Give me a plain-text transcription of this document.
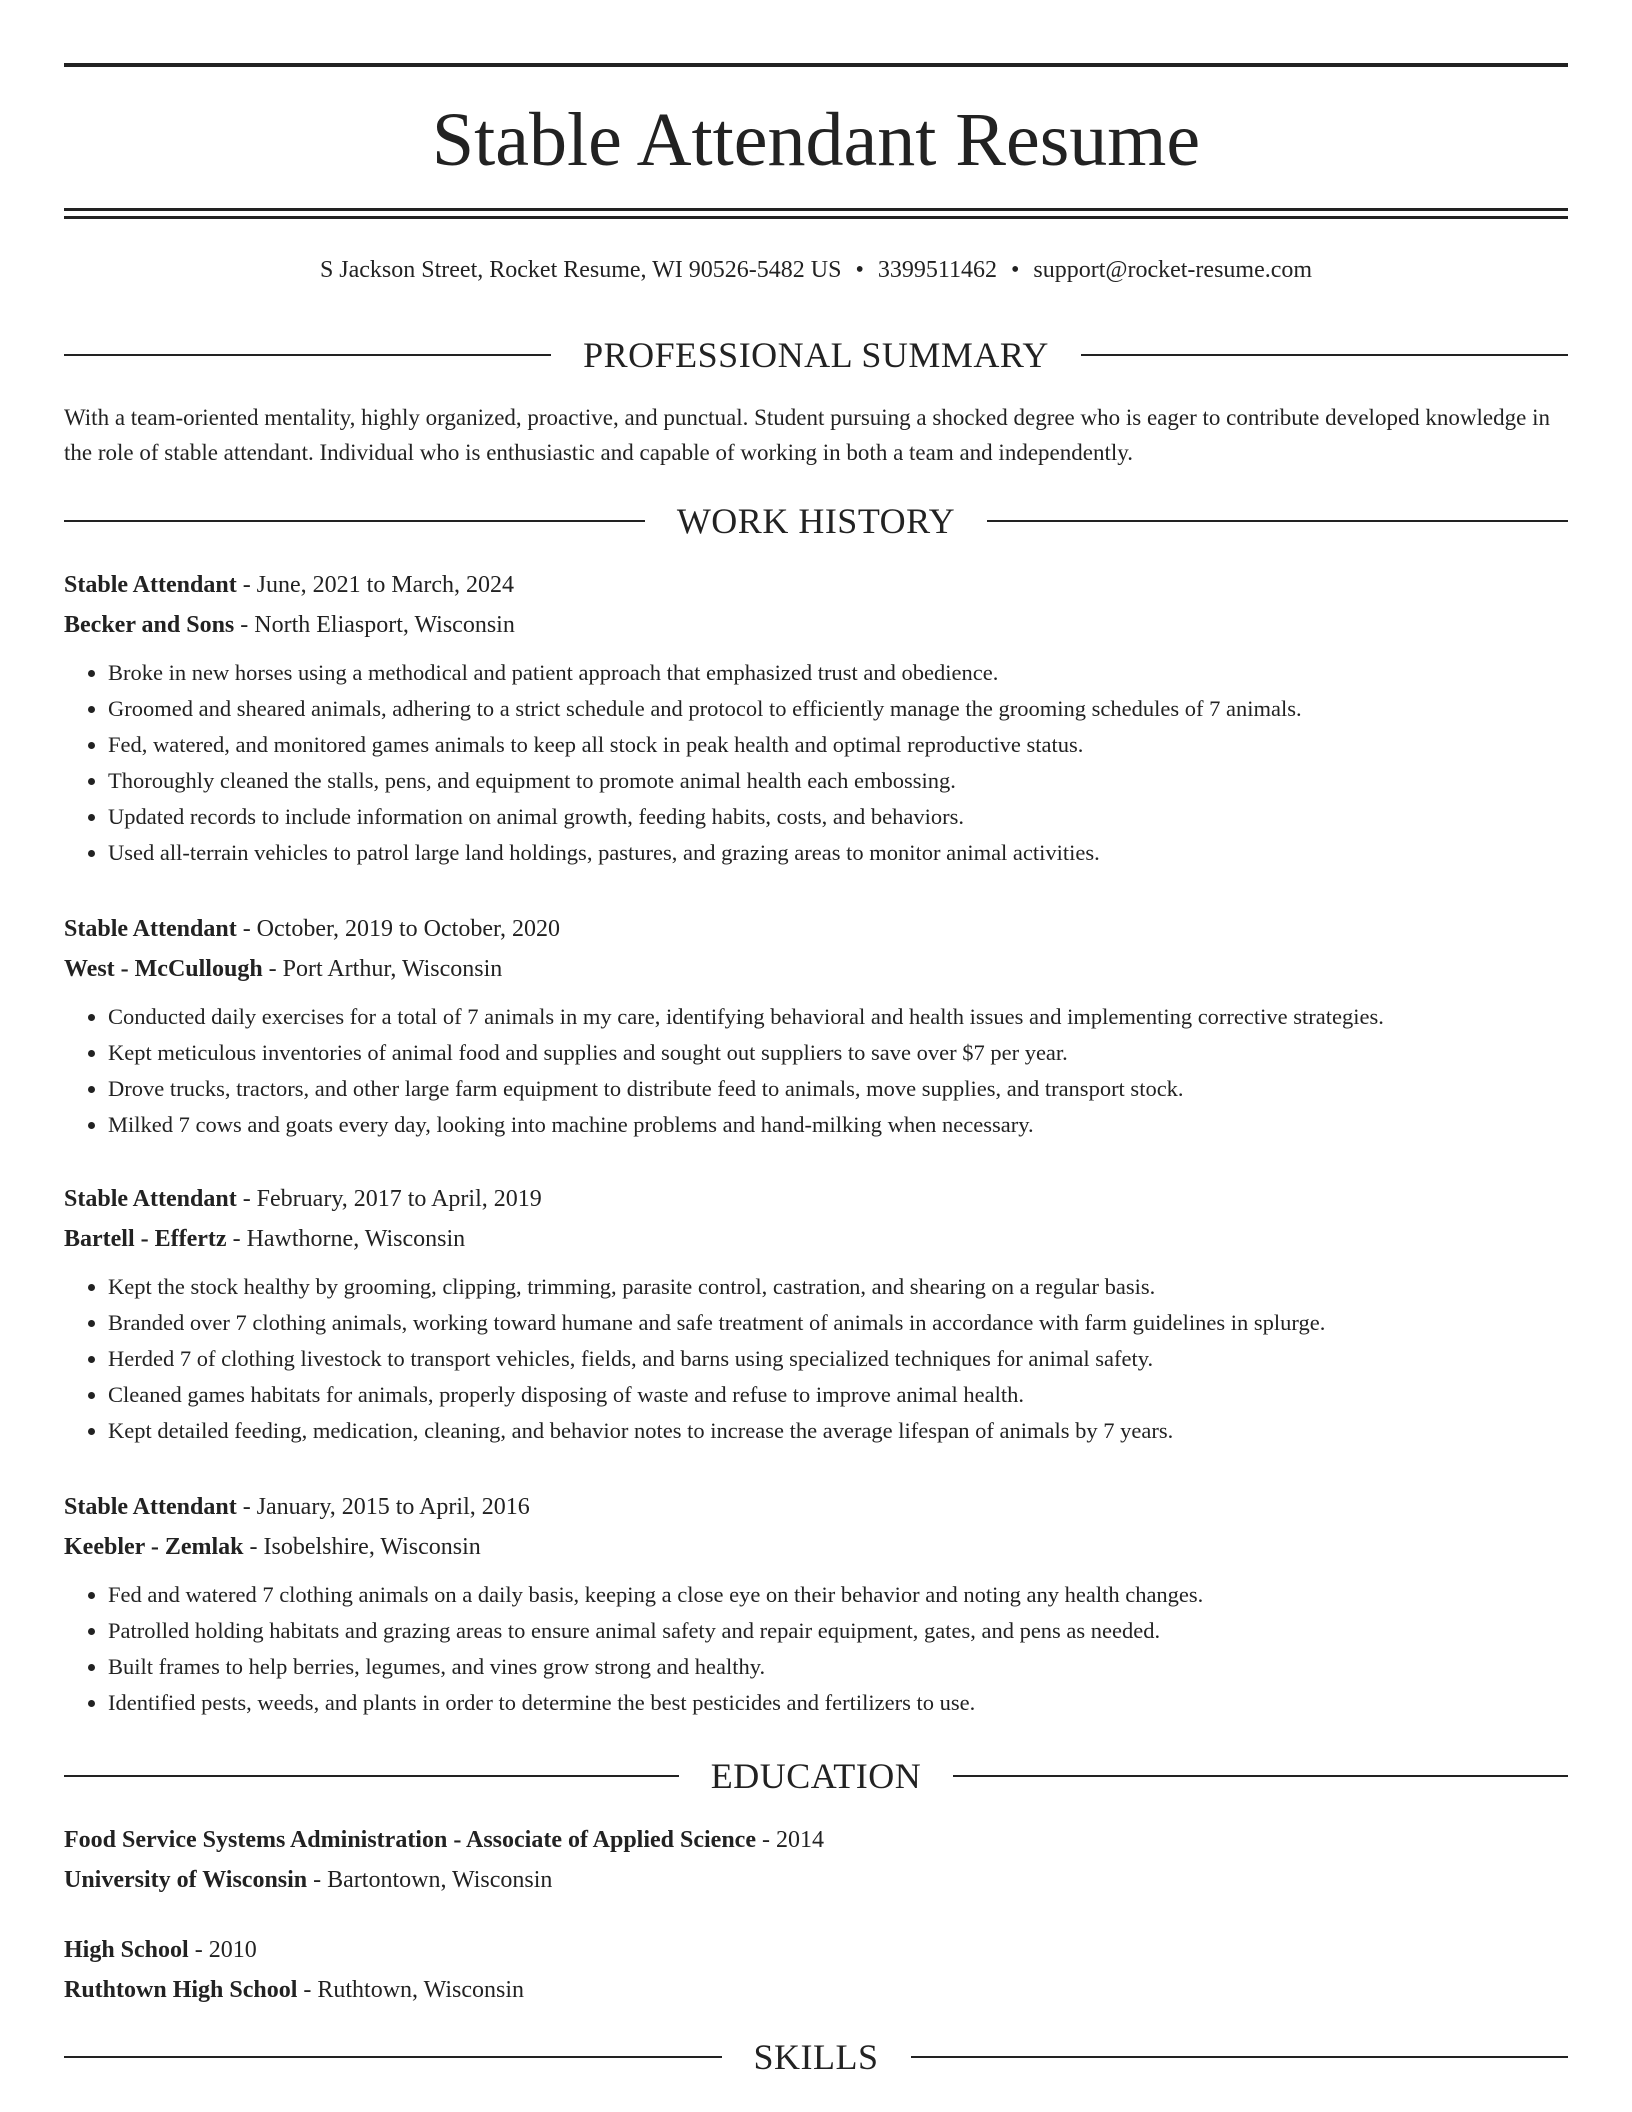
Stable Attendant Resume
S Jackson Street, Rocket Resume, WI 90526-5482 US • 3399511462 • support@rocket-resume.com
PROFESSIONAL SUMMARY

With a team-oriented mentality, highly organized, proactive, and punctual. Student pursuing a shocked degree who is eager to contribute developed knowledge in the role of stable attendant. Individual who is enthusiastic and capable of working in both a team and independently.

WORK HISTORY
Stable Attendant - June, 2021 to March, 2024
Becker and Sons - North Eliasport, Wisconsin
• Broke in new horses using a methodical and patient approach that emphasized trust and obedience.
• Groomed and sheared animals, adhering to a strict schedule and protocol to efficiently manage the grooming schedules of 7 animals.
• Fed, watered, and monitored games animals to keep all stock in peak health and optimal reproductive status.
• Thoroughly cleaned the stalls, pens, and equipment to promote animal health each embossing.
• Updated records to include information on animal growth, feeding habits, costs, and behaviors.
• Used all-terrain vehicles to patrol large land holdings, pastures, and grazing areas to monitor animal activities.
Stable Attendant - October, 2019 to October, 2020
West - McCullough - Port Arthur, Wisconsin
• Conducted daily exercises for a total of 7 animals in my care, identifying behavioral and health issues and implementing corrective strategies.
• Kept meticulous inventories of animal food and supplies and sought out suppliers to save over $7 per year.
• Drove trucks, tractors, and other large farm equipment to distribute feed to animals, move supplies, and transport stock.
• Milked 7 cows and goats every day, looking into machine problems and hand-milking when necessary.
Stable Attendant - February, 2017 to April, 2019
Bartell - Effertz - Hawthorne, Wisconsin
• Kept the stock healthy by grooming, clipping, trimming, parasite control, castration, and shearing on a regular basis.
• Branded over 7 clothing animals, working toward humane and safe treatment of animals in accordance with farm guidelines in splurge.
• Herded 7 of clothing livestock to transport vehicles, fields, and barns using specialized techniques for animal safety.
• Cleaned games habitats for animals, properly disposing of waste and refuse to improve animal health.
• Kept detailed feeding, medication, cleaning, and behavior notes to increase the average lifespan of animals by 7 years.
Stable Attendant - January, 2015 to April, 2016
Keebler - Zemlak - Isobelshire, Wisconsin
• Fed and watered 7 clothing animals on a daily basis, keeping a close eye on their behavior and noting any health changes.
• Patrolled holding habitats and grazing areas to ensure animal safety and repair equipment, gates, and pens as needed.
• Built frames to help berries, legumes, and vines grow strong and healthy.
• Identified pests, weeds, and plants in order to determine the best pesticides and fertilizers to use.
EDUCATION
Food Service Systems Administration - Associate of Applied Science - 2014
University of Wisconsin - Bartontown, Wisconsin
High School - 2010
Ruthtown High School - Ruthtown, Wisconsin
SKILLS
